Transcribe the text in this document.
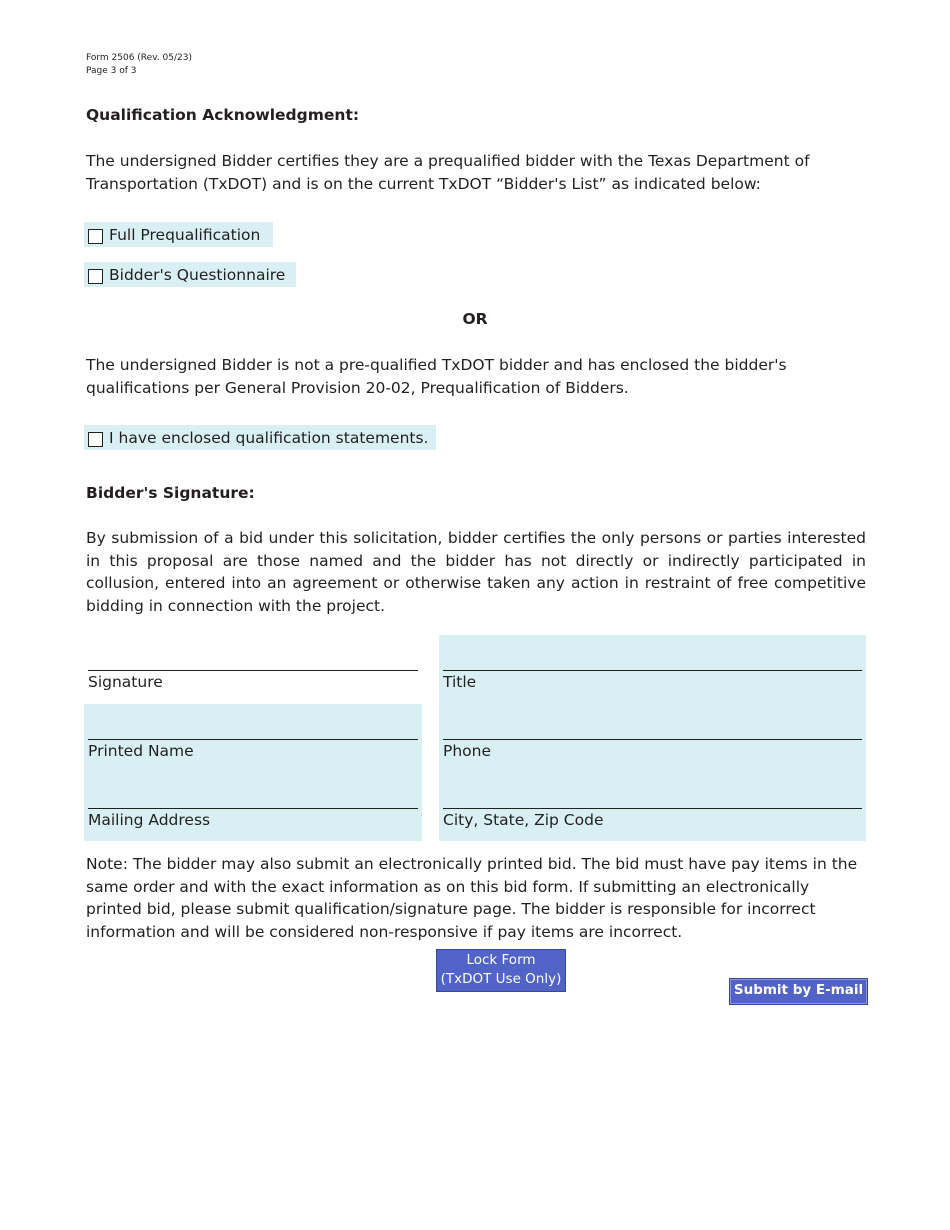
Form 2506 (Rev. 05/23)
Page 3 of 3
Qualification Acknowledgment:
The undersigned Bidder certifies they are a prequalified bidder with the Texas Department of Transportation (TxDOT) and is on the current TxDOT “Bidder's List” as indicated below:
Full Prequalification
Bidder's Questionnaire
OR
The undersigned Bidder is not a pre-qualified TxDOT bidder and has enclosed the bidder's qualifications per General Provision 20-02, Prequalification of Bidders.
I have enclosed qualification statements.
Bidder's Signature:
By submission of a bid under this solicitation, bidder certifies the only persons or parties interested in this proposal are those named and the bidder has not directly or indirectly participated in collusion, entered into an agreement or otherwise taken any action in restraint of free competitive bidding in connection with the project.
Signature
Printed Name
Mailing Address
Title
Phone
City, State, Zip Code
Note: The bidder may also submit an electronically printed bid. The bid must have pay items in the same order and with the exact information as on this bid form. If submitting an electronically printed bid, please submit qualification/signature page. The bidder is responsible for incorrect information and will be considered non-responsive if pay items are incorrect.
Lock Form
(TxDOT Use Only)
Submit by E-mail
